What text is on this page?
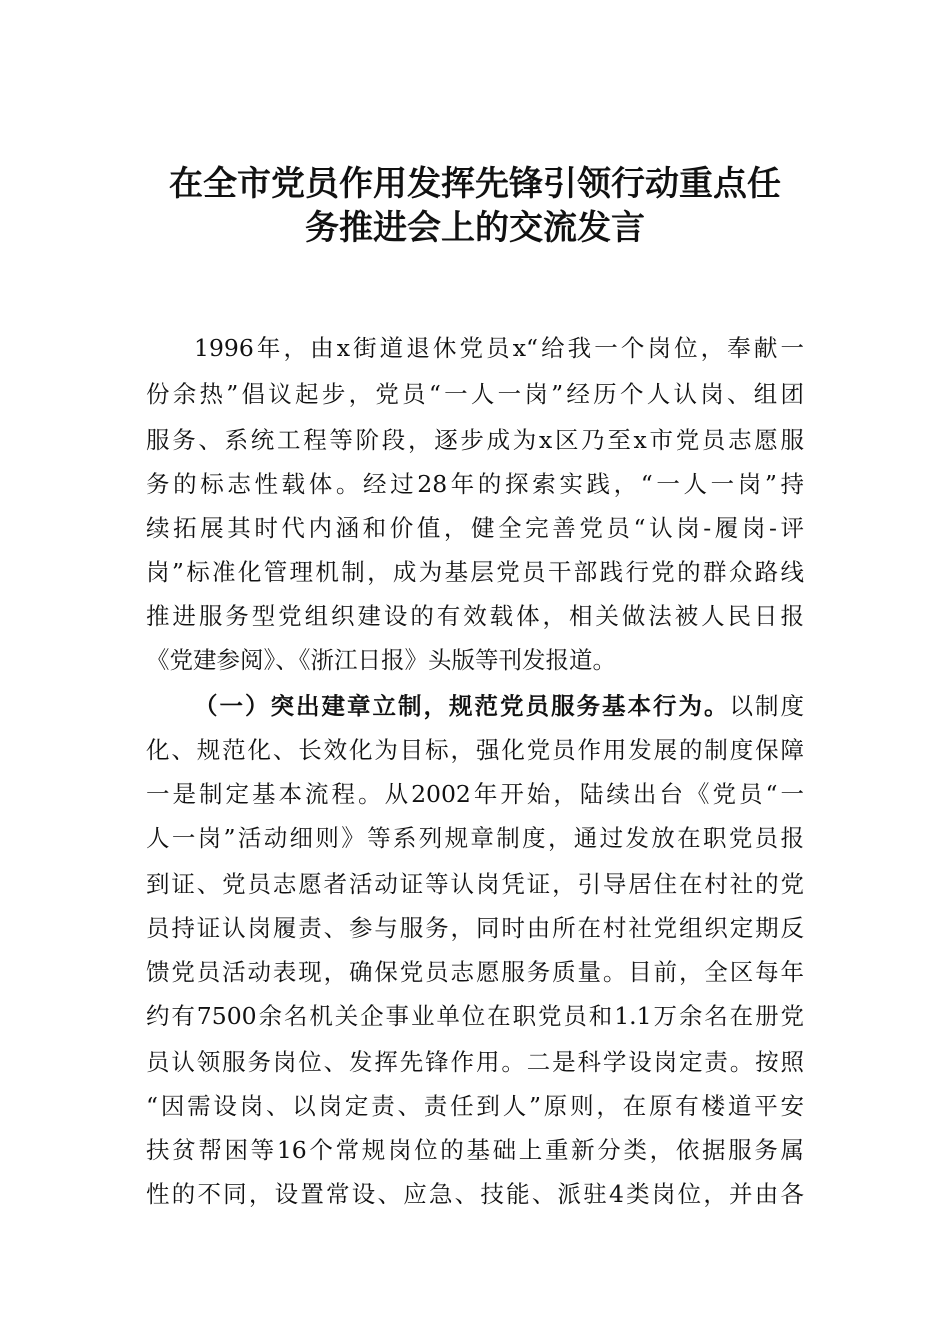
在全市党员作用发挥先锋引领行动重点任
务推进会上的交流发言
1996年，由x街道退休党员x“给我一个岗位，奉献一
份余热”倡议起步，党员“一人一岗”经历个人认岗、组团
服务、系统工程等阶段，逐步成为x区乃至x市党员志愿服
务的标志性载体。经过28年的探索实践，“一人一岗”持
续拓展其时代内涵和价值，健全完善党员“认岗-履岗-评
岗”标准化管理机制，成为基层党员干部践行党的群众路线
推进服务型党组织建设的有效载体，相关做法被人民日报
《党建参阅》、《浙江日报》头版等刊发报道。
（一）突出建章立制，规范党员服务基本行为。以制度
化、规范化、长效化为目标，强化党员作用发展的制度保障
一是制定基本流程。从2002年开始，陆续出台《党员“一
人一岗”活动细则》等系列规章制度，通过发放在职党员报
到证、党员志愿者活动证等认岗凭证，引导居住在村社的党
员持证认岗履责、参与服务，同时由所在村社党组织定期反
馈党员活动表现，确保党员志愿服务质量。目前，全区每年
约有7500余名机关企事业单位在职党员和1.1万余名在册党
员认领服务岗位、发挥先锋作用。二是科学设岗定责。按照
“因需设岗、以岗定责、责任到人”原则，在原有楼道平安
扶贫帮困等16个常规岗位的基础上重新分类，依据服务属
性的不同，设置常设、应急、技能、派驻4类岗位，并由各
